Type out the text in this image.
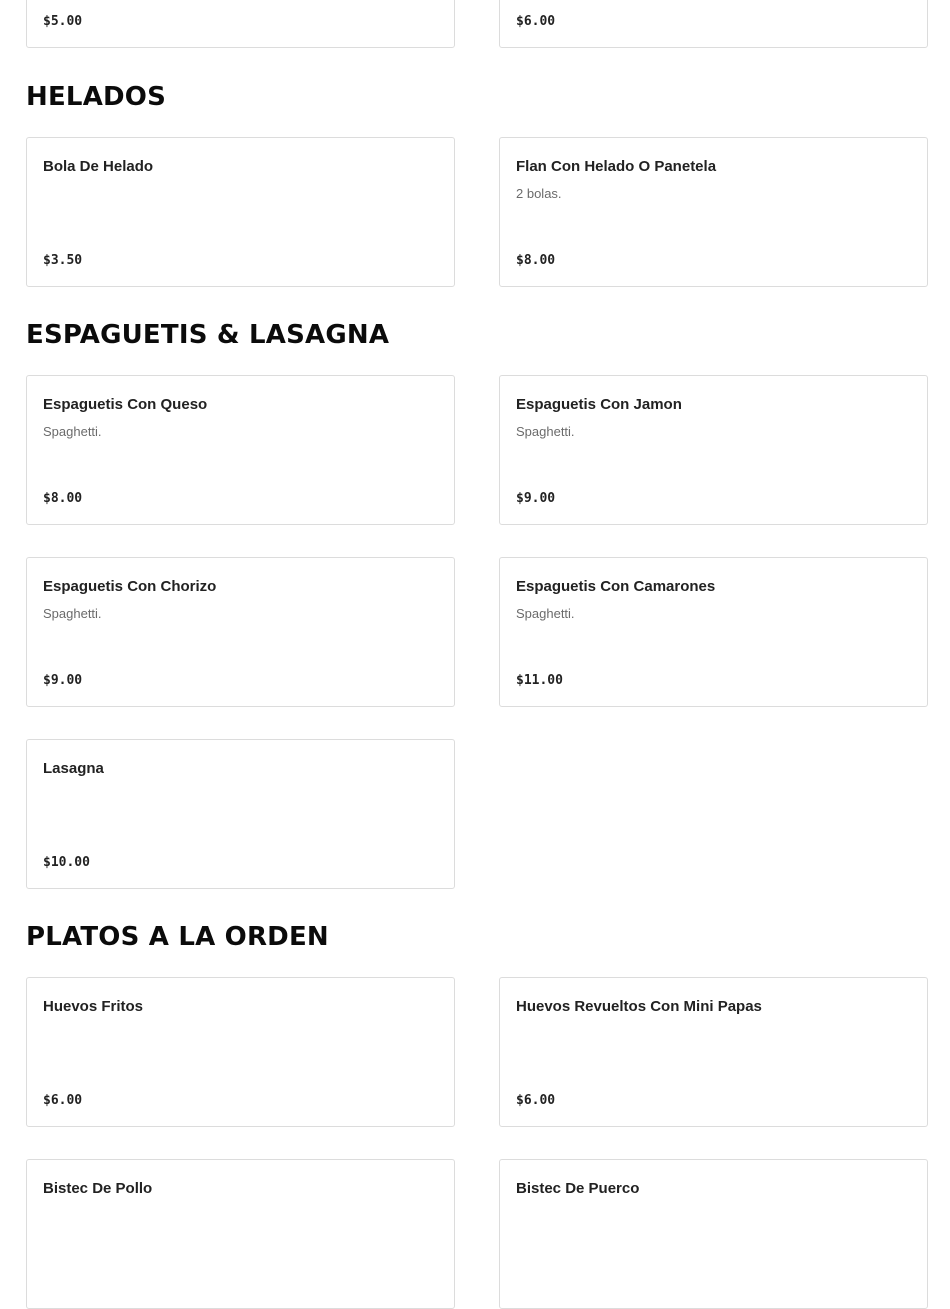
$5.00	$6.00
HELADOS
Bola De Helado
$3.50
Flan Con Helado O Panetela
2 bolas.
$8.00
ESPAGUETIS & LASAGNA
Espaguetis Con Queso
Spaghetti.
$8.00
Espaguetis Con Jamon
Spaghetti.
$9.00
Espaguetis Con Chorizo
Spaghetti.
$9.00
Espaguetis Con Camarones
Spaghetti.
$11.00
Lasagna
$10.00
PLATOS A LA ORDEN
Huevos Fritos
$6.00
Huevos Revueltos Con Mini Papas
$6.00
Bistec De Pollo	Bistec De Puerco
